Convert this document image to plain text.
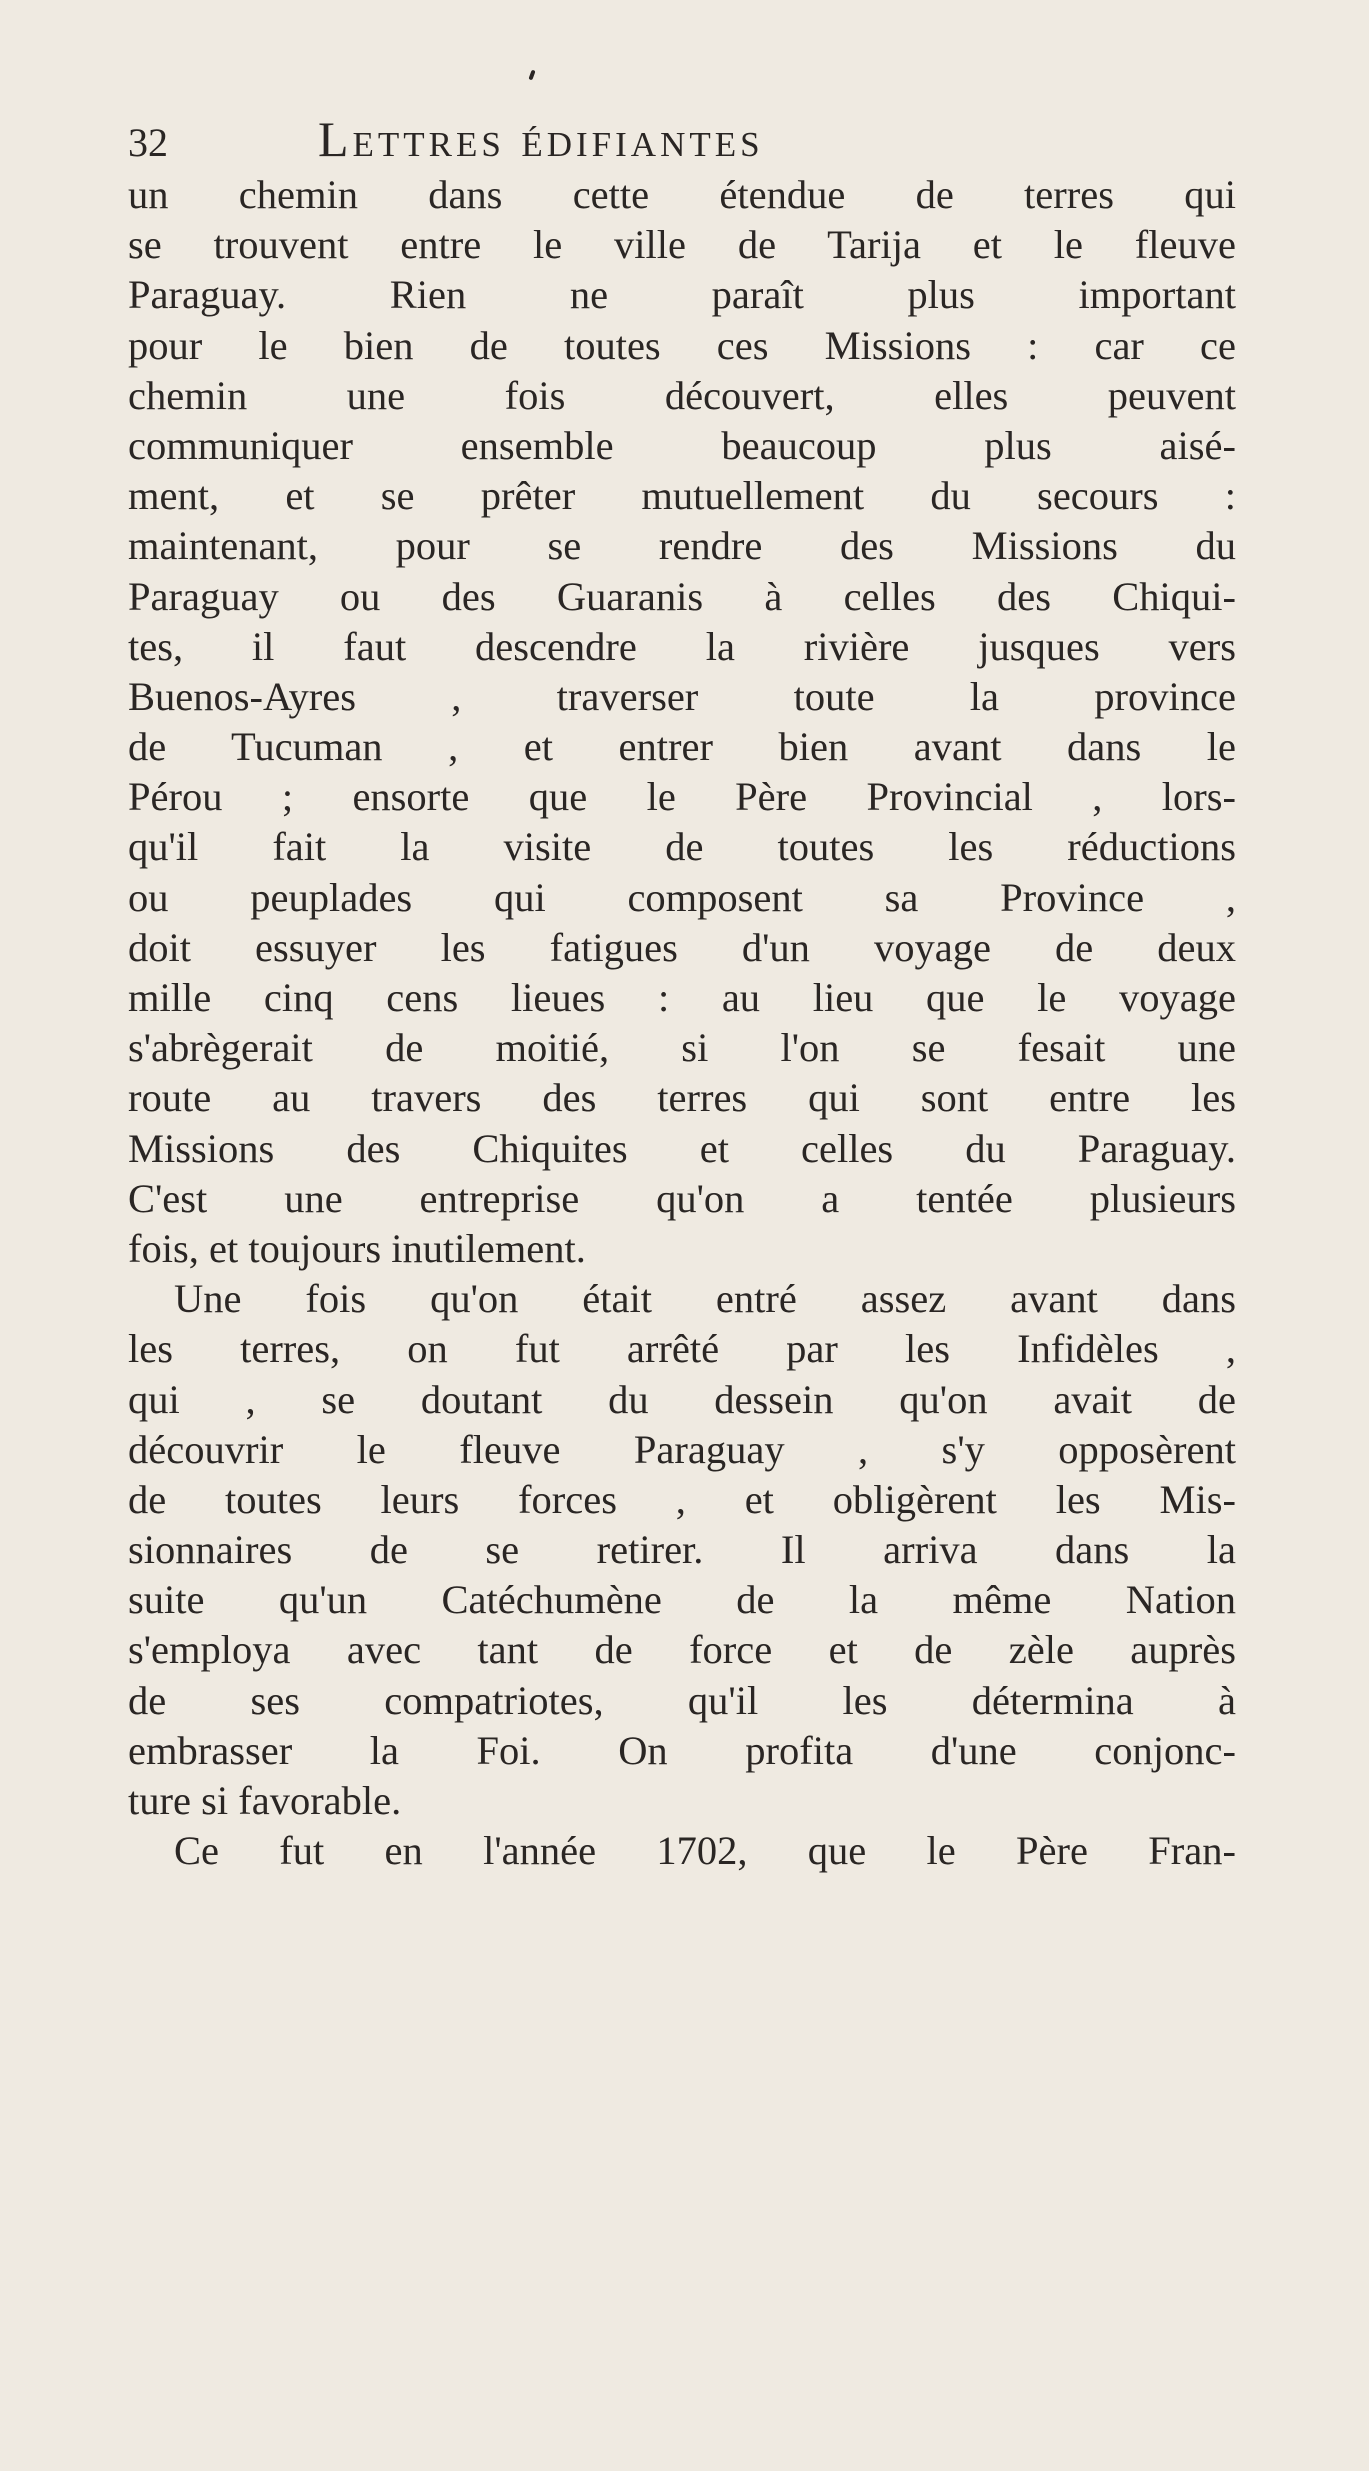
32	Lettres édifiantes
un chemin dans cette étendue de terres qui
se trouvent entre le ville de Tarija et le fleuve
Paraguay. Rien ne paraît plus important
pour le bien de toutes ces Missions : car ce
chemin une fois découvert, elles peuvent
communiquer ensemble beaucoup plus aisé-
ment, et se prêter mutuellement du secours :
maintenant, pour se rendre des Missions du
Paraguay ou des Guaranis à celles des Chiqui-
tes, il faut descendre la rivière jusques vers
Buenos-Ayres , traverser toute la province
de Tucuman , et entrer bien avant dans le
Pérou ; ensorte que le Père Provincial , lors-
qu'il fait la visite de toutes les réductions
ou peuplades qui composent sa Province ,
doit essuyer les fatigues d'un voyage de deux
mille cinq cens lieues : au lieu que le voyage
s'abrègerait de moitié, si l'on se fesait une
route au travers des terres qui sont entre les
Missions des Chiquites et celles du Paraguay.
C'est une entreprise qu'on a tentée plusieurs
fois, et toujours inutilement.
Une fois qu'on était entré assez avant dans
les terres, on fut arrêté par les Infidèles ,
qui , se doutant du dessein qu'on avait de
découvrir le fleuve Paraguay , s'y opposèrent
de toutes leurs forces , et obligèrent les Mis-
sionnaires de se retirer. Il arriva dans la
suite qu'un Catéchumène de la même Nation
s'employa avec tant de force et de zèle auprès
de ses compatriotes, qu'il les détermina à
embrasser la Foi. On profita d'une conjonc-
ture si favorable.
Ce fut en l'année 1702, que le Père Fran-
